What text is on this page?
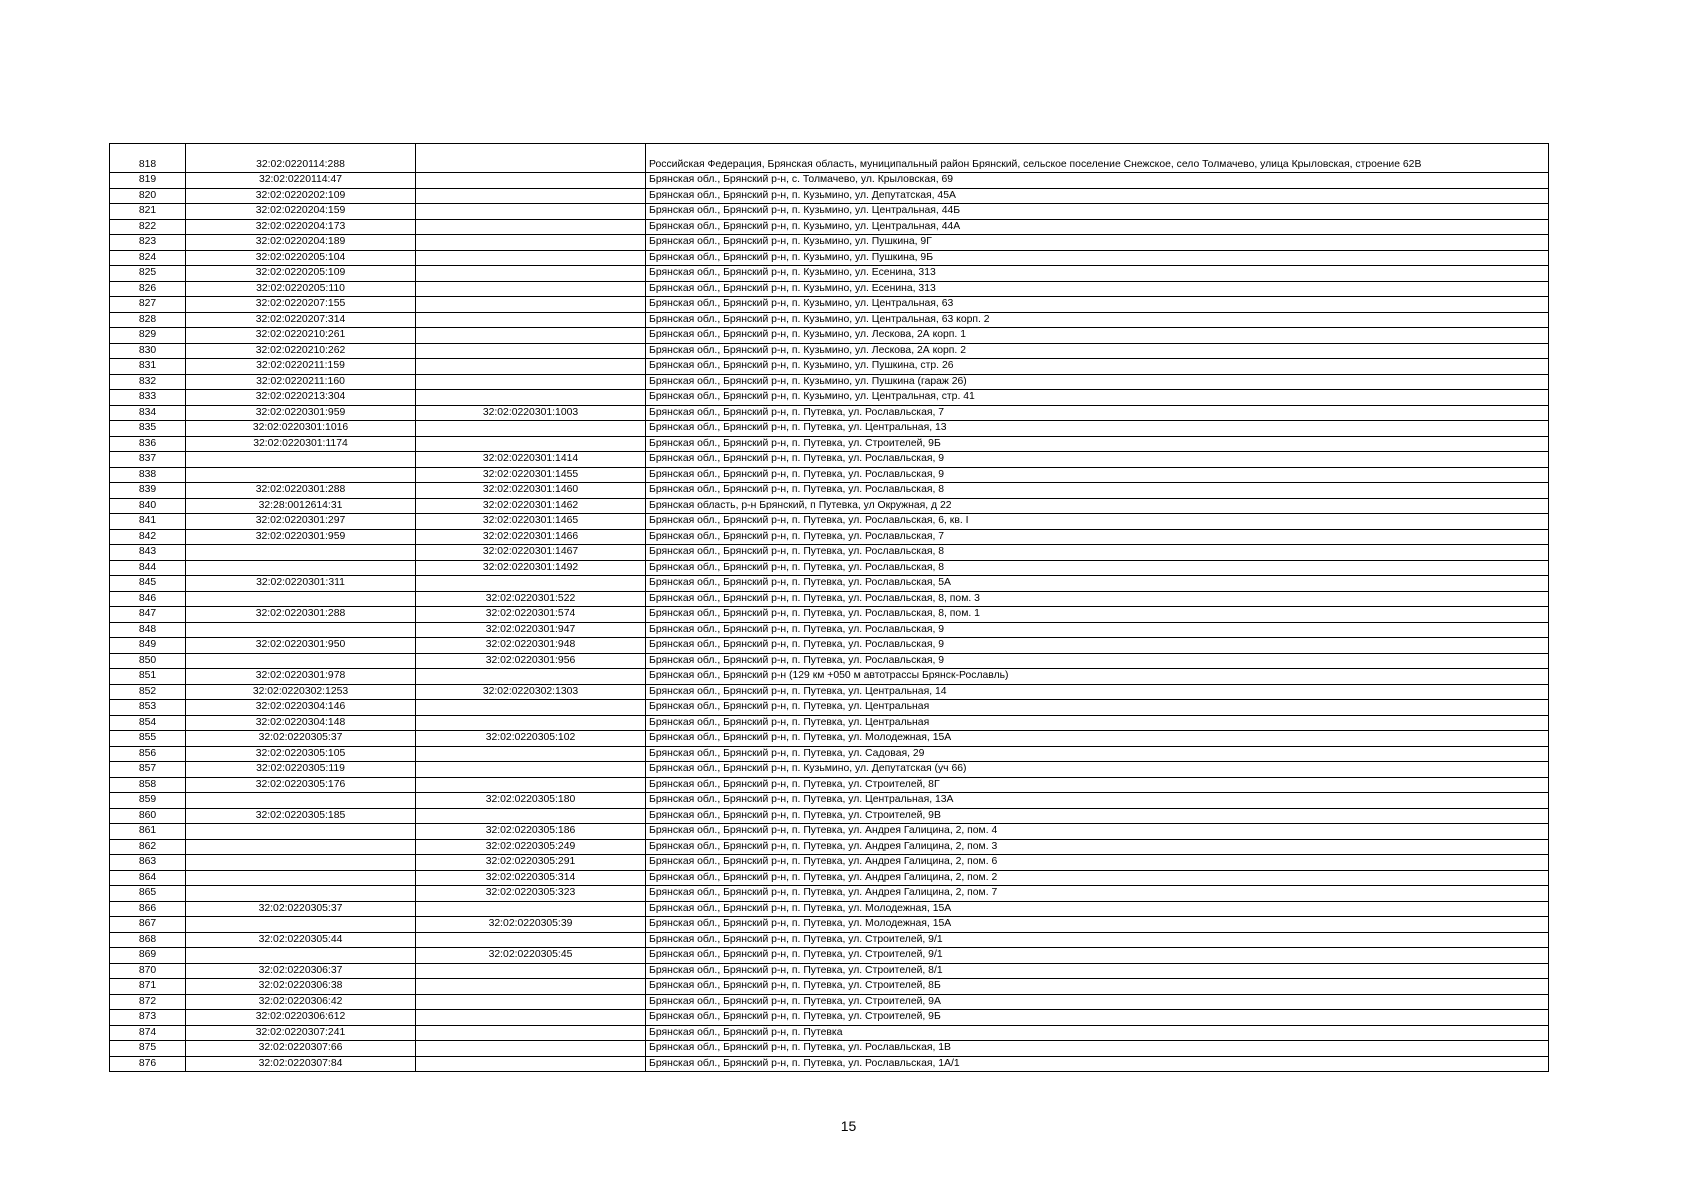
818	32:02:0220114:288		Российская Федерация, Брянская область, муниципальный район Брянский, сельское поселение Снежское, село Толмачево, улица Крыловская, строение 62В
819	32:02:0220114:47		Брянская обл., Брянский р-н, с. Толмачево, ул. Крыловская, 69
820	32:02:0220202:109		Брянская обл., Брянский р-н, п. Кузьмино, ул. Депутатская, 45А
821	32:02:0220204:159		Брянская обл., Брянский р-н, п. Кузьмино, ул. Центральная, 44Б
822	32:02:0220204:173		Брянская обл., Брянский р-н, п. Кузьмино, ул. Центральная, 44А
823	32:02:0220204:189		Брянская обл., Брянский р-н, п. Кузьмино, ул. Пушкина, 9Г
824	32:02:0220205:104		Брянская обл., Брянский р-н, п. Кузьмино, ул. Пушкина, 9Б
825	32:02:0220205:109		Брянская обл., Брянский р-н, п. Кузьмино, ул. Есенина, 313
826	32:02:0220205:110		Брянская обл., Брянский р-н, п. Кузьмино, ул. Есенина, 313
827	32:02:0220207:155		Брянская обл., Брянский р-н, п. Кузьмино, ул. Центральная, 63
828	32:02:0220207:314		Брянская обл., Брянский р-н, п. Кузьмино, ул. Центральная, 63 корп. 2
829	32:02:0220210:261		Брянская обл., Брянский р-н, п. Кузьмино, ул. Лескова, 2А корп. 1
830	32:02:0220210:262		Брянская обл., Брянский р-н, п. Кузьмино, ул. Лескова, 2А корп. 2
831	32:02:0220211:159		Брянская обл., Брянский р-н, п. Кузьмино, ул. Пушкина, стр. 26
832	32:02:0220211:160		Брянская обл., Брянский р-н, п. Кузьмино, ул. Пушкина (гараж 26)
833	32:02:0220213:304		Брянская обл., Брянский р-н, п. Кузьмино, ул. Центральная, стр. 41
834	32:02:0220301:959	32:02:0220301:1003	Брянская обл., Брянский р-н, п. Путевка, ул. Рославльская, 7
835	32:02:0220301:1016		Брянская обл., Брянский р-н, п. Путевка, ул. Центральная, 13
836	32:02:0220301:1174		Брянская обл., Брянский р-н, п. Путевка, ул. Строителей, 9Б
837		32:02:0220301:1414	Брянская обл., Брянский р-н, п. Путевка, ул. Рославльская, 9
838		32:02:0220301:1455	Брянская обл., Брянский р-н, п. Путевка, ул. Рославльская, 9
839	32:02:0220301:288	32:02:0220301:1460	Брянская обл., Брянский р-н, п. Путевка, ул. Рославльская, 8
840	32:28:0012614:31	32:02:0220301:1462	Брянская область, р-н Брянский, п Путевка, ул Окружная, д 22
841	32:02:0220301:297	32:02:0220301:1465	Брянская обл., Брянский р-н, п. Путевка, ул. Рославльская, 6, кв. I
842	32:02:0220301:959	32:02:0220301:1466	Брянская обл., Брянский р-н, п. Путевка, ул. Рославльская, 7
843		32:02:0220301:1467	Брянская обл., Брянский р-н, п. Путевка, ул. Рославльская, 8
844		32:02:0220301:1492	Брянская обл., Брянский р-н, п. Путевка, ул. Рославльская, 8
845	32:02:0220301:311		Брянская обл., Брянский р-н, п. Путевка, ул. Рославльская, 5А
846		32:02:0220301:522	Брянская обл., Брянский р-н, п. Путевка, ул. Рославльская, 8, пом. 3
847	32:02:0220301:288	32:02:0220301:574	Брянская обл., Брянский р-н, п. Путевка, ул. Рославльская, 8, пом. 1
848		32:02:0220301:947	Брянская обл., Брянский р-н, п. Путевка, ул. Рославльская, 9
849	32:02:0220301:950	32:02:0220301:948	Брянская обл., Брянский р-н, п. Путевка, ул. Рославльская, 9
850		32:02:0220301:956	Брянская обл., Брянский р-н, п. Путевка, ул. Рославльская, 9
851	32:02:0220301:978		Брянская обл., Брянский р-н (129 км +050 м автотрассы Брянск-Рославль)
852	32:02:0220302:1253	32:02:0220302:1303	Брянская обл., Брянский р-н, п. Путевка, ул. Центральная, 14
853	32:02:0220304:146		Брянская обл., Брянский р-н, п. Путевка, ул. Центральная
854	32:02:0220304:148		Брянская обл., Брянский р-н, п. Путевка, ул. Центральная
855	32:02:0220305:37	32:02:0220305:102	Брянская обл., Брянский р-н, п. Путевка, ул. Молодежная, 15А
856	32:02:0220305:105		Брянская обл., Брянский р-н, п. Путевка, ул. Садовая, 29
857	32:02:0220305:119		Брянская обл., Брянский р-н, п. Кузьмино, ул. Депутатская (уч 66)
858	32:02:0220305:176		Брянская обл., Брянский р-н, п. Путевка, ул. Строителей, 8Г
859		32:02:0220305:180	Брянская обл., Брянский р-н, п. Путевка, ул. Центральная, 13А
860	32:02:0220305:185		Брянская обл., Брянский р-н, п. Путевка, ул. Строителей, 9В
861		32:02:0220305:186	Брянская обл., Брянский р-н, п. Путевка, ул. Андрея Галицина, 2, пом. 4
862		32:02:0220305:249	Брянская обл., Брянский р-н, п. Путевка, ул. Андрея Галицина, 2, пом. 3
863		32:02:0220305:291	Брянская обл., Брянский р-н, п. Путевка, ул. Андрея Галицина, 2, пом. 6
864		32:02:0220305:314	Брянская обл., Брянский р-н, п. Путевка, ул. Андрея Галицина, 2, пом. 2
865		32:02:0220305:323	Брянская обл., Брянский р-н, п. Путевка, ул. Андрея Галицина, 2, пом. 7
866	32:02:0220305:37		Брянская обл., Брянский р-н, п. Путевка, ул. Молодежная, 15А
867		32:02:0220305:39	Брянская обл., Брянский р-н, п. Путевка, ул. Молодежная, 15А
868	32:02:0220305:44		Брянская обл., Брянский р-н, п. Путевка, ул. Строителей, 9/1
869		32:02:0220305:45	Брянская обл., Брянский р-н, п. Путевка, ул. Строителей, 9/1
870	32:02:0220306:37		Брянская обл., Брянский р-н, п. Путевка, ул. Строителей, 8/1
871	32:02:0220306:38		Брянская обл., Брянский р-н, п. Путевка, ул. Строителей, 8Б
872	32:02:0220306:42		Брянская обл., Брянский р-н, п. Путевка, ул. Строителей, 9А
873	32:02:0220306:612		Брянская обл., Брянский р-н, п. Путевка, ул. Строителей, 9Б
874	32:02:0220307:241		Брянская обл., Брянский р-н, п. Путевка
875	32:02:0220307:66		Брянская обл., Брянский р-н, п. Путевка, ул. Рославльская, 1В
876	32:02:0220307:84		Брянская обл., Брянский р-н, п. Путевка, ул. Рославльская, 1А/1
15
